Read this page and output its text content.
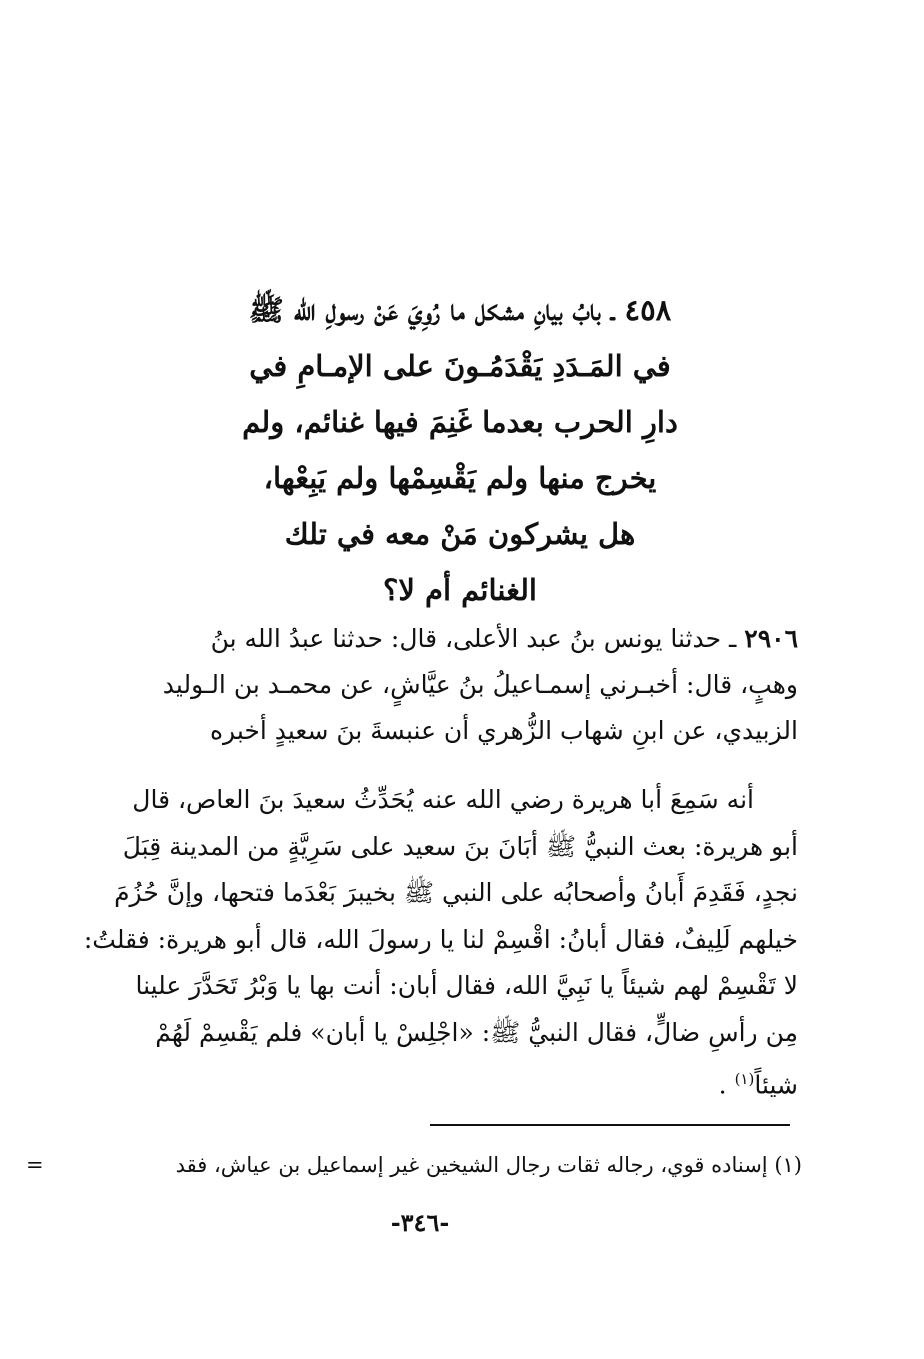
٤٥٨ ـ بابُ بيانِ مشكل ما رُوِيَ عَنْ رسولِ الله ﷺ
في المَـدَدِ يَقْدَمُـونَ على الإمـامِ في
دارِ الحرب بعدما غَنِمَ فيها غنائم، ولم
يخرج منها ولم يَقْسِمْها ولم يَبِعْها،
هل يشركون مَنْ معه في تلك
الغنائم أم لا؟
٢٩٠٦ ـ حدثنا يونس بنُ عبد الأعلى، قال: حدثنا عبدُ الله بنُ
وهبٍ، قال: أخبـرني إسمـاعيلُ بنُ عيَّاشٍ، عن محمـد بن الـوليد
الزبيدي، عن ابنِ شهاب الزُّهري أن عنبسةَ بنَ سعيدٍ أخبره
أنه سَمِعَ أبا هريرة رضي الله عنه يُحَدِّثُ سعيدَ بنَ العاص، قال
أبو هريرة: بعث النبيُّ ﷺ أبَانَ بنَ سعيد على سَرِيَّةٍ من المدينة قِبَلَ
نجدٍ، فَقَدِمَ أَبانُ وأصحابُه على النبي ﷺ بخيبرَ بَعْدَما فتحها، وإنَّ حُزُمَ
خيلهم لَلِيفٌ، فقال أبانُ: اقْسِمْ لنا يا رسولَ الله، قال أبو هريرة: فقلتُ:
لا تَقْسِمْ لهم شيئاً يا نَبِيَّ الله، فقال أبان: أنت بها يا وَبْرُ تَحَدَّرَ علينا
مِن رأسِ ضالٍّ، فقال النبيُّ ﷺ: «اجْلِسْ يا أبان» فلم يَقْسِمْ لَهُمْ
شيئاً$^{(١)}$ .
(١) إسناده قوي، رجاله ثقات رجال الشيخين غير إسماعيل بن عياش، فقد
=
-٣٤٦-
